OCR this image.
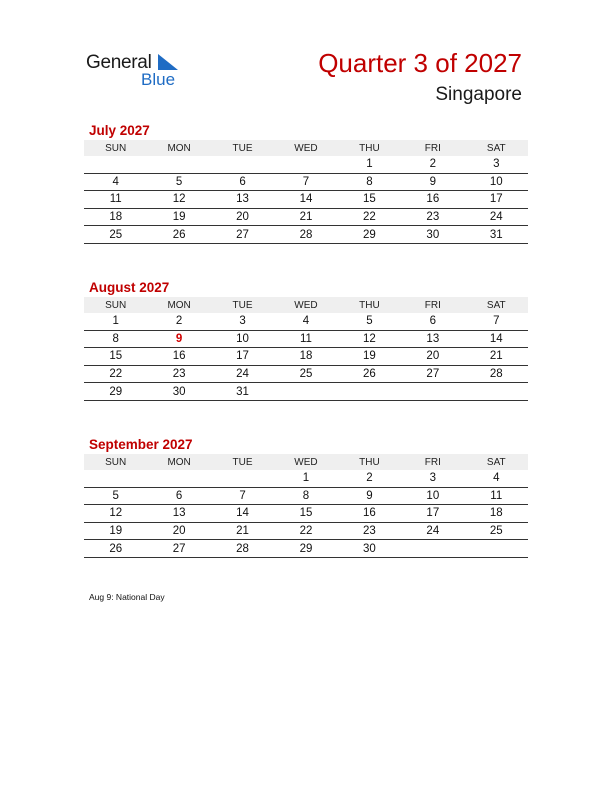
General
Blue
Quarter 3 of 2027
Singapore
July 2027
SUN	MON	TUE	WED	THU	FRI	SAT
				1	2	3
4	5	6	7	8	9	10
11	12	13	14	15	16	17
18	19	20	21	22	23	24
25	26	27	28	29	30	31
August 2027
SUN	MON	TUE	WED	THU	FRI	SAT
1	2	3	4	5	6	7
8	9	10	11	12	13	14
15	16	17	18	19	20	21
22	23	24	25	26	27	28
29	30	31				
September 2027
SUN	MON	TUE	WED	THU	FRI	SAT
			1	2	3	4
5	6	7	8	9	10	11
12	13	14	15	16	17	18
19	20	21	22	23	24	25
26	27	28	29	30		
Aug 9: National Day
